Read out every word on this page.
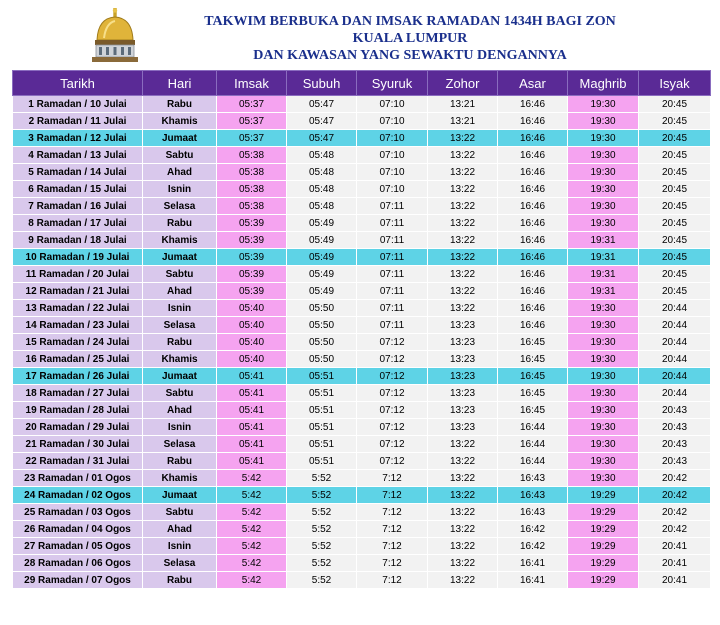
TAKWIM BERBUKA DAN IMSAK RAMADAN 1434H BAGI ZON
KUALA LUMPUR
DAN KAWASAN YANG SEWAKTU DENGANNYA
Tarikh	Hari	Imsak	Subuh	Syuruk	Zohor	Asar	Maghrib	Isyak
1 Ramadan / 10 Julai	Rabu	05:37	05:47	07:10	13:21	16:46	19:30	20:45
2 Ramadan / 11 Julai	Khamis	05:37	05:47	07:10	13:21	16:46	19:30	20:45
3 Ramadan / 12 Julai	Jumaat	05:37	05:47	07:10	13:22	16:46	19:30	20:45
4 Ramadan / 13 Julai	Sabtu	05:38	05:48	07:10	13:22	16:46	19:30	20:45
5 Ramadan / 14 Julai	Ahad	05:38	05:48	07:10	13:22	16:46	19:30	20:45
6 Ramadan / 15 Julai	Isnin	05:38	05:48	07:10	13:22	16:46	19:30	20:45
7 Ramadan / 16 Julai	Selasa	05:38	05:48	07:11	13:22	16:46	19:30	20:45
8 Ramadan / 17 Julai	Rabu	05:39	05:49	07:11	13:22	16:46	19:30	20:45
9 Ramadan / 18 Julai	Khamis	05:39	05:49	07:11	13:22	16:46	19:31	20:45
10 Ramadan / 19 Julai	Jumaat	05:39	05:49	07:11	13:22	16:46	19:31	20:45
11 Ramadan / 20 Julai	Sabtu	05:39	05:49	07:11	13:22	16:46	19:31	20:45
12 Ramadan / 21 Julai	Ahad	05:39	05:49	07:11	13:22	16:46	19:31	20:45
13 Ramadan / 22 Julai	Isnin	05:40	05:50	07:11	13:22	16:46	19:30	20:44
14 Ramadan / 23 Julai	Selasa	05:40	05:50	07:11	13:23	16:46	19:30	20:44
15 Ramadan / 24 Julai	Rabu	05:40	05:50	07:12	13:23	16:45	19:30	20:44
16 Ramadan / 25 Julai	Khamis	05:40	05:50	07:12	13:23	16:45	19:30	20:44
17 Ramadan / 26 Julai	Jumaat	05:41	05:51	07:12	13:23	16:45	19:30	20:44
18 Ramadan / 27 Julai	Sabtu	05:41	05:51	07:12	13:23	16:45	19:30	20:44
19 Ramadan / 28 Julai	Ahad	05:41	05:51	07:12	13:23	16:45	19:30	20:43
20 Ramadan / 29 Julai	Isnin	05:41	05:51	07:12	13:23	16:44	19:30	20:43
21 Ramadan / 30 Julai	Selasa	05:41	05:51	07:12	13:22	16:44	19:30	20:43
22 Ramadan / 31 Julai	Rabu	05:41	05:51	07:12	13:22	16:44	19:30	20:43
23 Ramadan / 01 Ogos	Khamis	5:42	5:52	7:12	13:22	16:43	19:30	20:42
24 Ramadan / 02 Ogos	Jumaat	5:42	5:52	7:12	13:22	16:43	19:29	20:42
25 Ramadan / 03 Ogos	Sabtu	5:42	5:52	7:12	13:22	16:43	19:29	20:42
26 Ramadan / 04 Ogos	Ahad	5:42	5:52	7:12	13:22	16:42	19:29	20:42
27 Ramadan / 05 Ogos	Isnin	5:42	5:52	7:12	13:22	16:42	19:29	20:41
28 Ramadan / 06 Ogos	Selasa	5:42	5:52	7:12	13:22	16:41	19:29	20:41
29 Ramadan / 07 Ogos	Rabu	5:42	5:52	7:12	13:22	16:41	19:29	20:41
